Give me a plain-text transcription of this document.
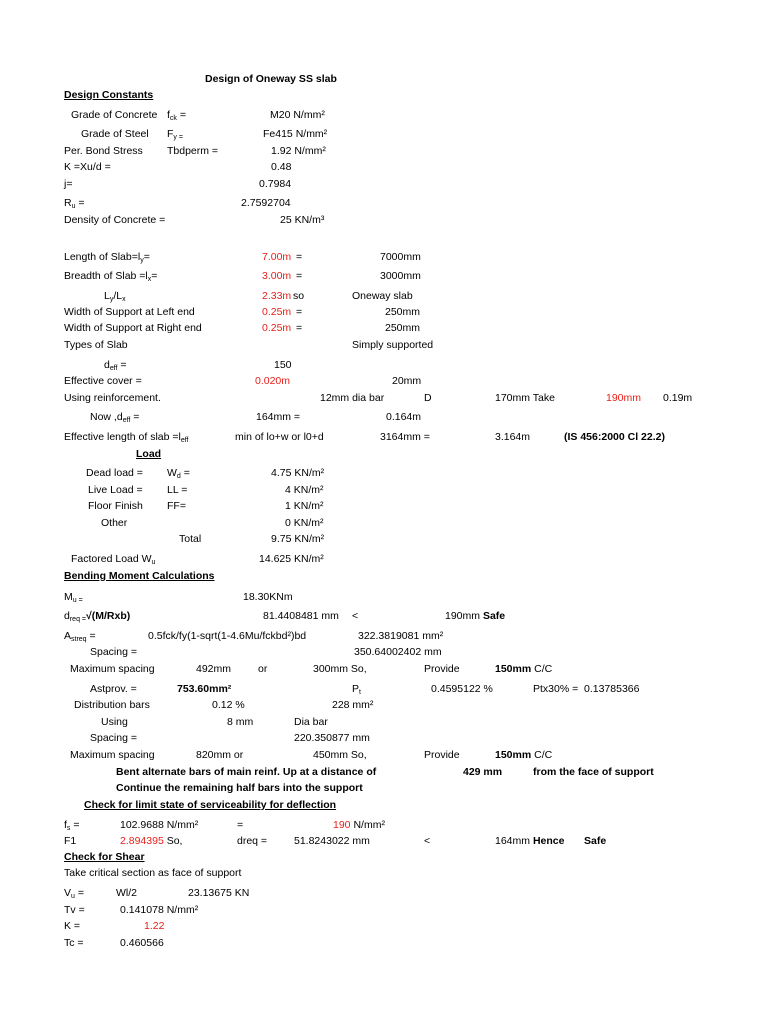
Design of Oneway SS slab
Design Constants
Grade of Concrete $f_{ck}$ =	M20 N/mm²
Grade of Steel $F_{y =}$	Fe415 N/mm²
Per. Bond Stress Tbdperm =	1.92 N/mm²
K =Xu/d =	0.48
j=	0.7984
$R_u$ =	2.7592704
Density of Concrete =	25 KN/m³
Length of $Slab=l_y=$	7.00m =	7000mm
Breadth of Slab $=l_x=$	3.00m =	3000mm
$L_y/L_x$	2.33m so	Oneway slab
Width of Support at Left end	0.25m =	250mm
Width of Support at Right end	0.25m =	250mm
Types of Slab	Simply supported
$d_{eff}$ =	150
Effective cover =	0.020m	20mm
Using reinforcement.	12mm dia bar	D	170mm Take	190mm 0.19m
Now $,d_{eff}$ =	164mm =	0.164m
Effective length of slab $=l_{eff}$	min of lo+w or l0+d	3164mm =	3.164m	(IS 456:2000 Cl 22.2)
Load
Dead load = $W_d$ =	4.75 KN/m²
Live Load = LL =	4 KN/m²
Floor Finish FF=	1 KN/m²
Other	0 KN/m²
Total	9.75 KN/m²
Factored Load $W_u$	14.625 KN/m²
Bending Moment Calculations
$M_{u =}$	18.30KNm
$d_{req =}√(M/Rxb)$	81.4408481 mm <	190mm Safe
$A_{streq}$ =	0.5fck/fy(1-sqrt(1-4.6Mu/fckbd²)bd	322.3819081 mm²
Spacing =	350.64002402 mm
Maximum spacing	492mm	or	300mm So,	Provide	150mm C/C
Astprov. =	753.60mm²	$P_t$	0.4595122 %	Ptx30% = 0.13785366
Distribution bars	0.12 %	228 mm²
Using	8 mm	Dia bar
Spacing =	220.350877 mm
Maximum spacing	820mm or	450mm So,	Provide	150mm C/C
Bent alternate bars of main reinf. Up at a distance of	429 mm	from the face of support
Continue the remaining half bars into the support
Check for limit state of serviceability for deflection
$f_s$ =	102.9688 N/mm²	=	190 N/mm²
F1	2.894395 So,	dreq =	51.8243022 mm	<	164mm Hence Safe
Check for Shear
Take critical section as face of support
$V_u$ =	Wl/2	23.13675 KN
Tv =	0.141078 N/mm²
K =	1.22
Tc =	0.460566
